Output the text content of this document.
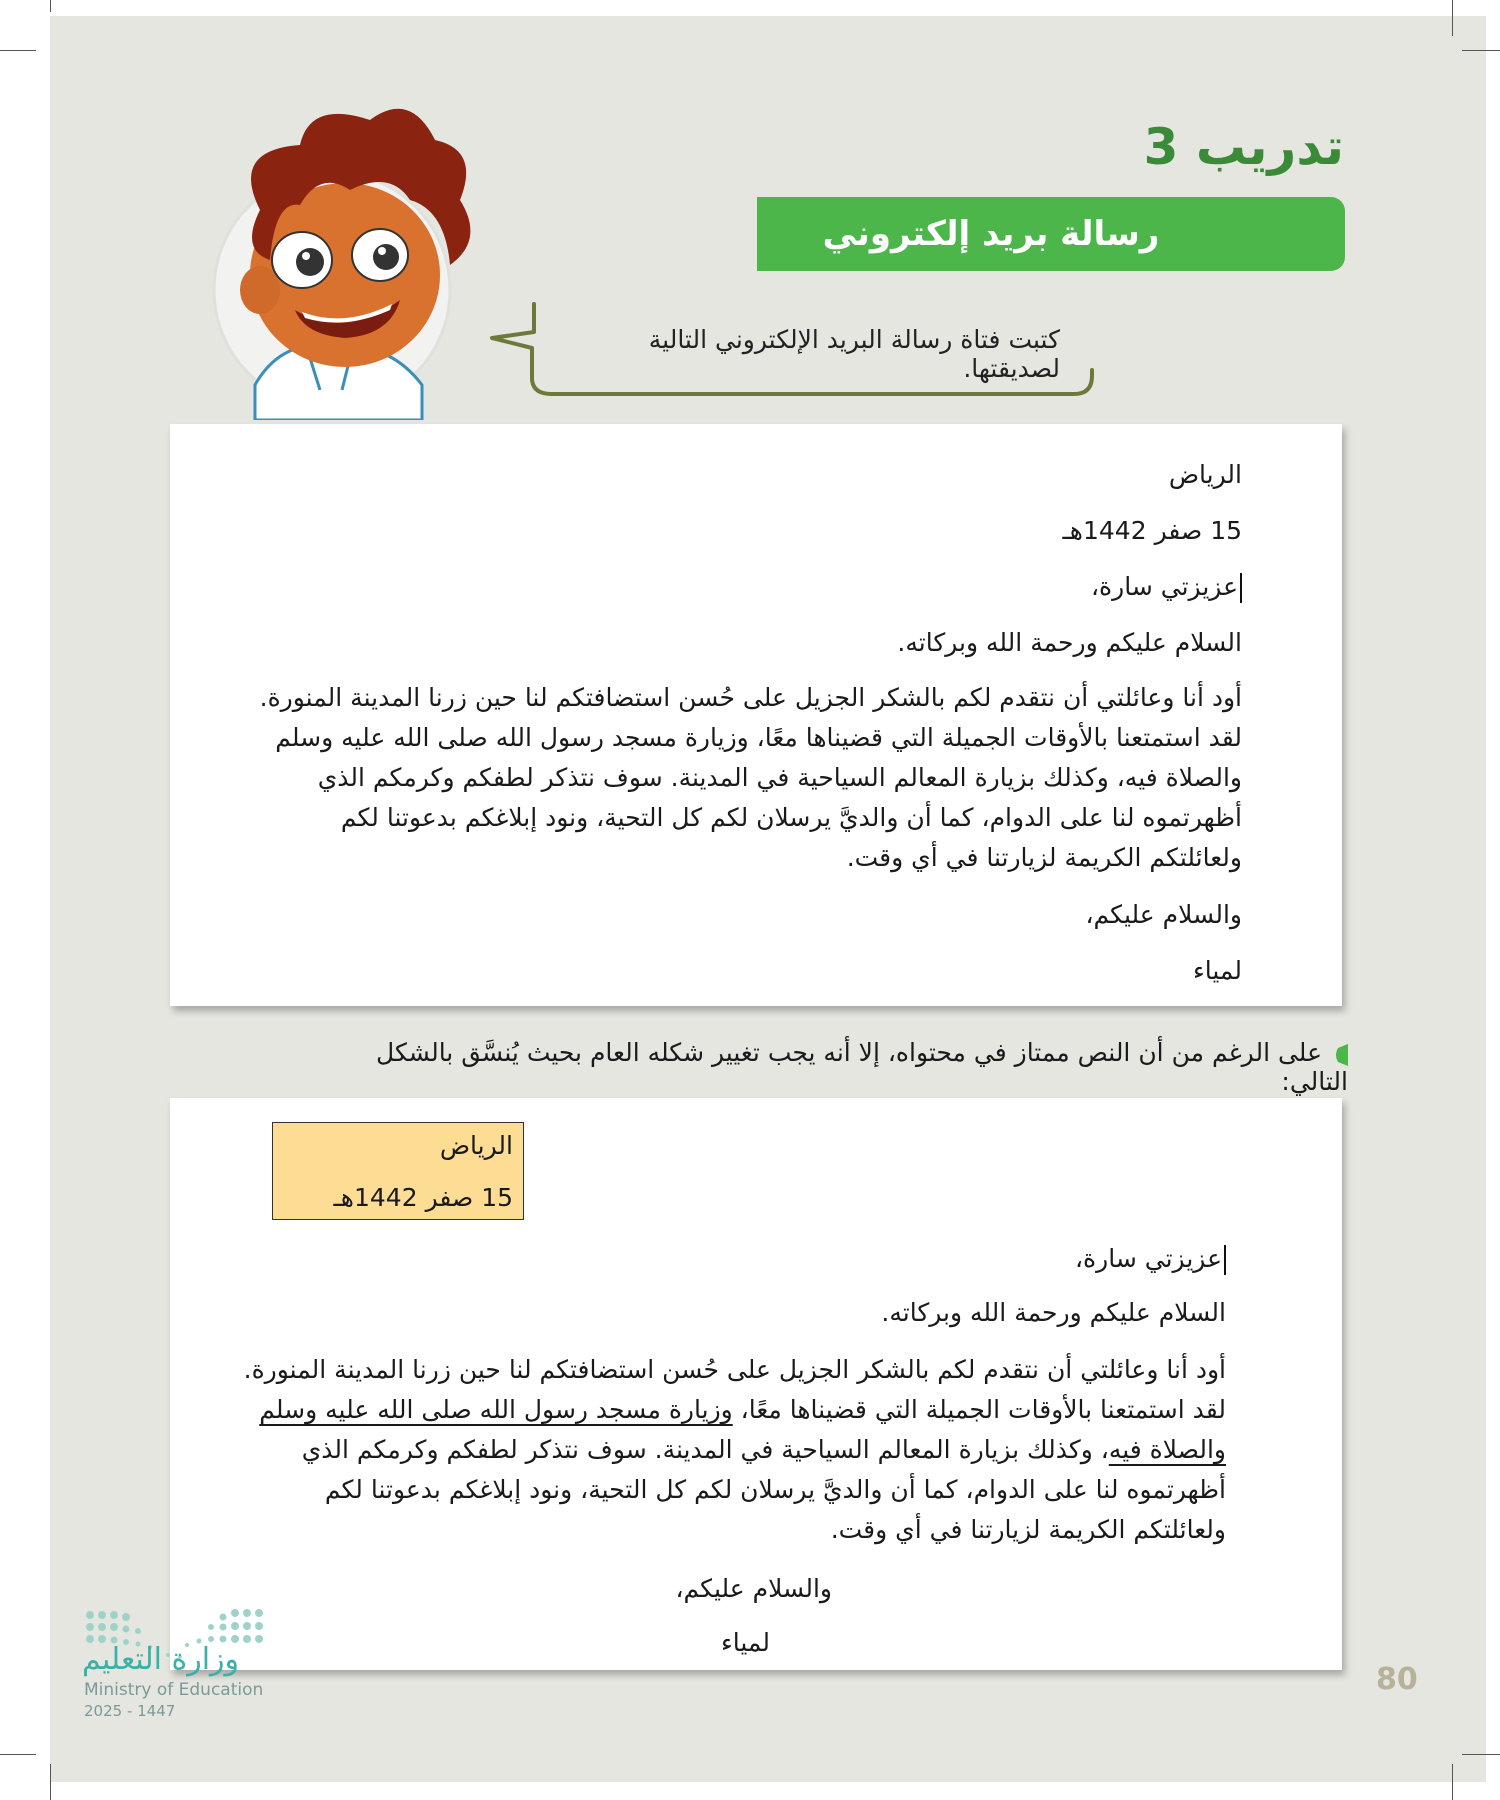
تدريب 3
رسالة بريد إلكتروني
كتبت فتاة رسالة البريد الإلكتروني التالية لصديقتها.
الرياض
15 صفر 1442هـ
عزيزتي سارة،
السلام عليكم ورحمة الله وبركاته.

أود أنا وعائلتي أن نتقدم لكم بالشكر الجزيل على حُسن استضافتكم لنا حين زرنا المدينة المنورة.

لقد استمتعنا بالأوقات الجميلة التي قضيناها معًا، وزيارة مسجد رسول الله صلى الله عليه وسلم

والصلاة فيه، وكذلك بزيارة المعالم السياحية في المدينة. سوف نتذكر لطفكم وكرمكم الذي

أظهرتموه لنا على الدوام، كما أن والديَّ يرسلان لكم كل التحية، ونود إبلاغكم بدعوتنا لكم

ولعائلتكم الكريمة لزيارتنا في أي وقت.

والسلام عليكم،
لمياء
على الرغم من أن النص ممتاز في محتواه، إلا أنه يجب تغيير شكله العام بحيث يُنسَّق بالشكل التالي:
الرياض
15 صفر 1442هـ
عزيزتي سارة،
السلام عليكم ورحمة الله وبركاته.

أود أنا وعائلتي أن نتقدم لكم بالشكر الجزيل على حُسن استضافتكم لنا حين زرنا المدينة المنورة.

لقد استمتعنا بالأوقات الجميلة التي قضيناها معًا، وزيارة مسجد رسول الله صلى الله عليه وسلم

والصلاة فيه، وكذلك بزيارة المعالم السياحية في المدينة. سوف نتذكر لطفكم وكرمكم الذي

أظهرتموه لنا على الدوام، كما أن والديَّ يرسلان لكم كل التحية، ونود إبلاغكم بدعوتنا لكم

ولعائلتكم الكريمة لزيارتنا في أي وقت.

والسلام عليكم،
لمياء
80
وزارة التعليم
Ministry of Education
2025 - 1447
